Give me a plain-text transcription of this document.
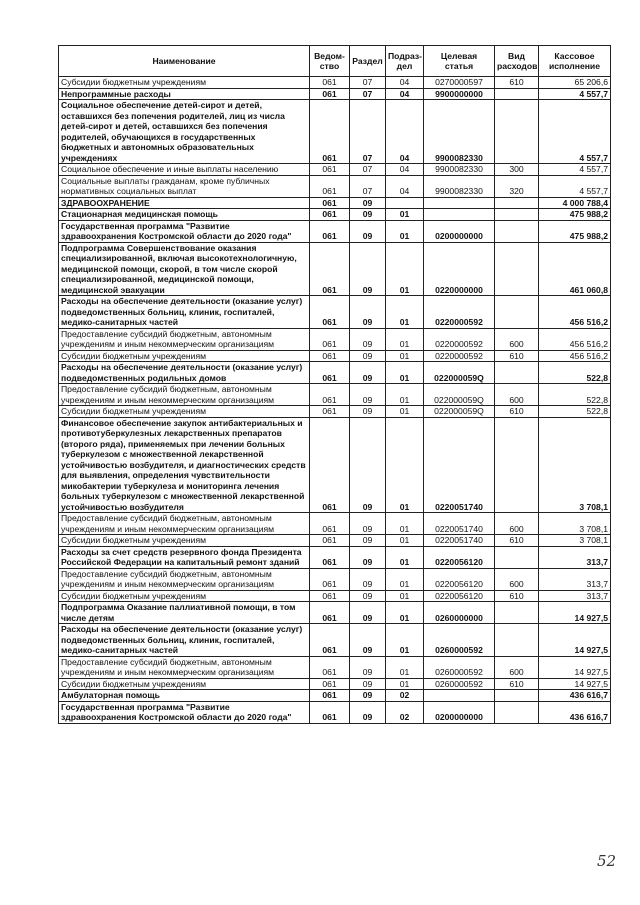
Наименование	Ведом-ство	Раздел	Подраз-дел	Целевая статья	Вид расходов	Кассовое исполнение
Субсидии бюджетным учреждениям	061	07	04	0270000597	610	65 206,6
Непрограммные расходы	061	07	04	9900000000		4 557,7
Социальное обеспечение детей-сирот и детей, оставшихся без попечения родителей, лиц из числа детей-сирот и детей, оставшихся без попечения родителей, обучающихся в государственных бюджетных и автономных образовательных учреждениях	061	07	04	9900082330		4 557,7
Социальное обеспечение и иные выплаты населению	061	07	04	9900082330	300	4 557,7
Социальные выплаты гражданам, кроме публичных нормативных социальных выплат	061	07	04	9900082330	320	4 557,7
ЗДРАВООХРАНЕНИЕ	061	09				4 000 788,4
Стационарная медицинская помощь	061	09	01			475 988,2
Государственная программа "Развитие здравоохранения Костромской области до 2020 года"	061	09	01	0200000000		475 988,2
Подпрограмма Совершенствование оказания специализированной, включая высокотехнологичную, медицинской помощи, скорой, в том числе скорой специализированной, медицинской помощи, медицинской эвакуации	061	09	01	0220000000		461 060,8
Расходы на обеспечение деятельности (оказание услуг) подведомственных больниц, клиник, госпиталей, медико-санитарных частей	061	09	01	0220000592		456 516,2
Предоставление субсидий бюджетным, автономным учреждениям и иным некоммерческим организациям	061	09	01	0220000592	600	456 516,2
Субсидии бюджетным учреждениям	061	09	01	0220000592	610	456 516,2
Расходы на обеспечение деятельности (оказание услуг) подведомственных родильных домов	061	09	01	022000059Q		522,8
Предоставление субсидий бюджетным, автономным учреждениям и иным некоммерческим организациям	061	09	01	022000059Q	600	522,8
Субсидии бюджетным учреждениям	061	09	01	022000059Q	610	522,8
Финансовое обеспечение закупок антибактериальных и противотуберкулезных лекарственных препаратов (второго ряда), применяемых при лечении больных туберкулезом с множественной лекарственной устойчивостью возбудителя, и диагностических средств для выявления, определения чувствительности микобактерии туберкулеза и мониторинга лечения больных туберкулезом с множественной лекарственной устойчивостью возбудителя	061	09	01	0220051740		3 708,1
Предоставление субсидий бюджетным, автономным учреждениям и иным некоммерческим организациям	061	09	01	0220051740	600	3 708,1
Субсидии бюджетным учреждениям	061	09	01	0220051740	610	3 708,1
Расходы за счет средств резервного фонда Президента Российской Федерации на капитальный ремонт зданий	061	09	01	0220056120		313,7
Предоставление субсидий бюджетным, автономным учреждениям и иным некоммерческим организациям	061	09	01	0220056120	600	313,7
Субсидии бюджетным учреждениям	061	09	01	0220056120	610	313,7
Подпрограмма Оказание паллиативной помощи, в том числе детям	061	09	01	0260000000		14 927,5
Расходы на обеспечение деятельности (оказание услуг) подведомственных больниц, клиник, госпиталей, медико-санитарных частей	061	09	01	0260000592		14 927,5
Предоставление субсидий бюджетным, автономным учреждениям и иным некоммерческим организациям	061	09	01	0260000592	600	14 927,5
Субсидии бюджетным учреждениям	061	09	01	0260000592	610	14 927,5
Амбулаторная помощь	061	09	02			436 616,7
Государственная программа "Развитие здравоохранения Костромской области до 2020 года"	061	09	02	0200000000		436 616,7
52
